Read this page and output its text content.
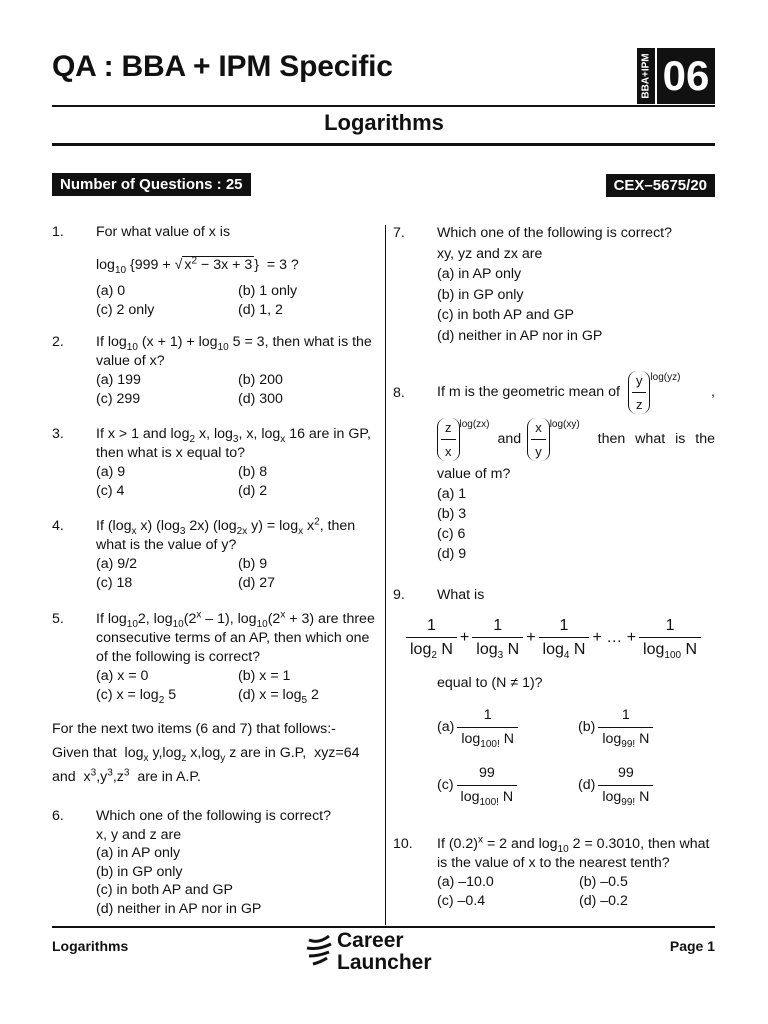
QA : BBA + IPM Specific	BBA+IPM 06
Logarithms
Number of Questions : 25	CEX–5675/20
1. For what value of x is
$\log_{10} \{999$ + √ $x^2 - 3x + 3$ }  = 3 ?
(a) 0	(b) 1 only
(c) 2 only	(d) 1, 2
2. If $\log_{10} (x + 1) + \log_{10} 5 = 3$, then what is the
value of x?
(a) 199	(b) 200
(c) 299	(d) 300
3. If x > 1 and $\log_2 x$, $\log_3$, x, $\log_x 16$ are in GP,
then what is x equal to?
(a) 9	(b) 8
(c) 4	(d) 2
4. If ($\log_x$ x) ($\log_3$ 2x) ($\log_{2x}$ $y) = \log_x x^2$, then
what is the value of y?
(a) 9/2	(b) 9
(c) 18	(d) 27
5. If $\log_{10}2$, $\log_{10}(2^x - 1)$, $\log_{10}(2^x + 3)$ are three
consecutive terms of an AP, then which one
of the following is correct?
(a) x = 0	(b) x = 1
(c) $x = \log_2 5$	(d) $x = \log_5 2$
For the next two items (6 and 7) that follows:-
Given that  $\log_x y,\log_z$ $x,\log_y$ z are in G.P,  xyz=64
and  $x^3,y^3,z^3$  are in A.P.
6. Which one of the following is correct?
x, y and z are
(a) in AP only
(b) in GP only
(c) in both AP and GP
(d) neither in AP nor in GP
7. Which one of the following is correct?
xy, yz and zx are
(a) in AP only
(b) in GP only
(c) in both AP and GP
(d) neither in AP nor in GP
8. If m is the geometric mean of $\frac{y}{z} ^{log(yz)}$
,
$\frac{z}{x} ^{log(zx)}$
and $\frac{x}{y} ^{log(xy)}$
then what is the
value of m?
(a) 1
(b) 3
(c) 6
(d) 9
9. What is
$\frac{1}{\log_2 N} + \frac{1}{\log_3 N} + \frac{1}{\log_4 N}$ + … + $\frac{1}{\log_{100} N}$
equal to (N ≠ 1)?
$(a) \frac{1}{\log_{100!} N}$	$(b) \frac{1}{\log_{99!} N}$
$(c) \frac{99}{\log_{100!} N}$	$(d) \frac{99}{\log_{99!} N}$
10. If $(0.2)^x = 2$ and $\log_{10} 2 = 0.3010$, then what
is the value of x to the nearest tenth?
(a) –10.0	(b) –0.5
(c) –0.4	(d) –0.2
Logarithms	Page 1
Career
Launcher
